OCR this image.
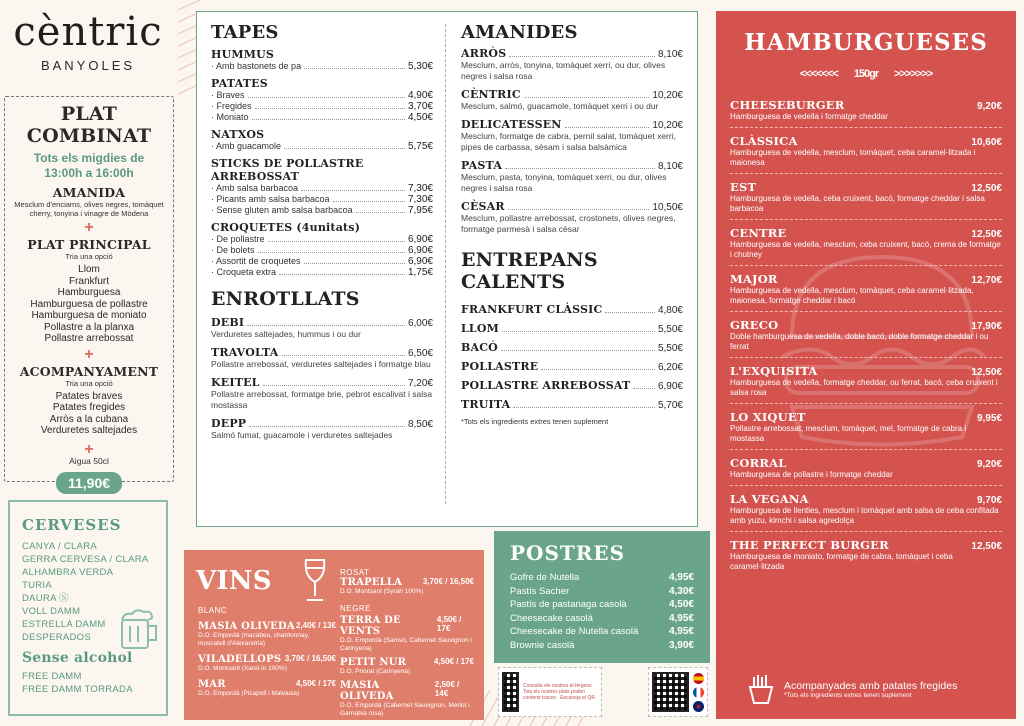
cèntric
BANYOLES
PLAT COMBINAT
Tots els migdies de
13:00h a 16:00h
AMANIDA
Mesclum d'enciams, olives negres, tomàquet cherry, tonyina i vinagre de Mòdena
+
PLAT PRINCIPAL
Tria una opció
Llom
Frankfurt
Hamburguesa
Hamburguesa de pollastre
Hamburguesa de moniato
Pollastre a la planxa
Pollastre arrebossat
+
ACOMPANYAMENT
Tria una opció
Patates braves
Patates fregides
Arròs a la cubana
Verduretes saltejades
+
Aigua 50cl
11,90€
CERVESES
CANYA / CLARA
GERRA CERVESA / CLARA
ALHAMBRA VERDA
TURIA
DAURA Ⓢ
VOLL DAMM
ESTRELLA DAMM
DESPERADOS
Sense alcohol
FREE DAMM
FREE DAMM TORRADA
TAPES
HUMMUS
· Amb bastonets de pa	5,30€
PATATES
· Braves	4,90€
· Fregides	3,70€
· Moniato	4,50€
NATXOS
· Amb guacamole	5,75€
STICKS DE POLLASTRE ARREBOSSAT
· Amb salsa barbacoa	7,30€
· Picants amb salsa barbacoa	7,30€
· Sense gluten amb salsa barbacoa	7,95€
CROQUETES (4unitats)
· De pollastre	6,90€
· De bolets	6,90€
· Assortit de croquetes	6,90€
· Croqueta extra	1,75€
ENROTLLATS
DEBI	6,00€
Verduretes saltejades, hummus i ou dur
TRAVOLTA	6,50€
Pollastre arrebossat, verduretes saltejades i formatge blau
KEITEL	7,20€
Pollastre arrebossat, formatge brie, pebrot escalivat i salsa mostassa
DEPP	8,50€
Salmó fumat, guacamole i verduretes saltejades
AMANIDES
ARRÒS	8,10€
Mesclum, arròs, tonyina, tomàquet xerri, ou dur, olives negres i salsa rosa
CÈNTRIC	10,20€
Mesclum, salmó, guacamole, tomàquet xerri i ou dur
DELICATESSEN	10,20€
Mesclum, formatge de cabra, pernil salat, tomàquet xerri, pipes de carbassa, sèsam i salsa balsàmica
PASTA	8,10€
Mesclum, pasta, tonyina, tomàquet xerri, ou dur, olives negres i salsa rosa
CÈSAR	10,50€
Mesclum, pollastre arrebossat, crostonets, olives negres, formatge parmesà i salsa cèsar
ENTREPANS CALENTS
FRANKFURT CLÀSSIC	4,80€
LLOM	5,50€
BACÓ	5,50€
POLLASTRE	6,20€
POLLASTRE ARREBOSSAT	6,90€
TRUITA	5,70€
*Tots els ingredients extres tenen suplement
VINS
BLANC
MASIA OLIVEDA 2,40€ / 13€
D.O. Empordà (macabeu, chardonnay, moscatell d'Alexandria)
VILADELLOPS 3,70€ / 16,50€
D.O. Montsant (Xarel·lo 100%)
MAR	4,50€ / 17€
D.O. Empordà (Picapoll i Malvasia)
ROSAT
TRAPELLA	3,70€ / 16,50€
D.O. Montsant (Syrah 100%)
NEGRE
TERRA DE VENTS
4,50€ / 17€
D.O. Empordà (Samsó, Cabernet Sauvignon i Carinyena)
PETIT NUR	4,50€ / 17€
D.O. Priorat (Carinyena)
MASIA OLIVEDA
2,50€ / 14€
D.O. Empordà (Cabernet Sauvignon, Merlot i Garnatxa rosa)
POSTRES
Gofre de Nutella	4,95€
Pastís Sacher	4,30€
Pastís de pastanaga casolà	4,50€
Cheesecake casolà	4,95€
Cheesecake de Nutella casolà	4,95€
Brownie casolà	3,90€
Consulta els nostres al·lèrgens · Tots els nostres plats poden contenir traces · Escaneja el QR
HAMBURGUESES
<<<<<<< 150gr >>>>>>>
CHEESEBURGER	9,20€
Hamburguesa de vedella i formatge cheddar
CLÀSSICA	10,60€
Hamburguesa de vedella, mesclum, tomàquet, ceba caramel·litzada i maionesa
EST	12,50€
Hamburguesa de vedella, ceba cruixent, bacó, formatge cheddar i salsa barbacoa
CENTRE	12,50€
Hamburguesa de vedella, mesclum, ceba cruixent, bacó, crema de formatge i chutney
MAJOR	12,70€
Hamburguesa de vedella, mesclum, tomàquet, ceba caramel·litzada, maionesa, formatge cheddar i bacó
GRECO	17,90€
Doble hamburguesa de vedella, doble bacó, doble formatge cheddar i ou ferrat
L'EXQUISITA	12,50€
Hamburguesa de vedella, formatge cheddar, ou ferrat, bacó, ceba cruixent i salsa rosa
LO XIQUET	9,95€
Pollastre arrebossat, mesclum, tomàquet, mel, formatge de cabra i mostassa
CORRAL	9,20€
Hamburguesa de pollastre i formatge cheddar
LA VEGANA	9,70€
Hamburguesa de llenties, mesclum i tomàquet amb salsa de ceba confitada amb yuzu, kimchi i salsa agredolça
THE PERFECT BURGER	12,50€
Hamburguesa de moniato, formatge de cabra, tomàquet i ceba caramel·litzada
Acompanyades amb patates fregides
*Tots els ingredients extres tenen suplement
